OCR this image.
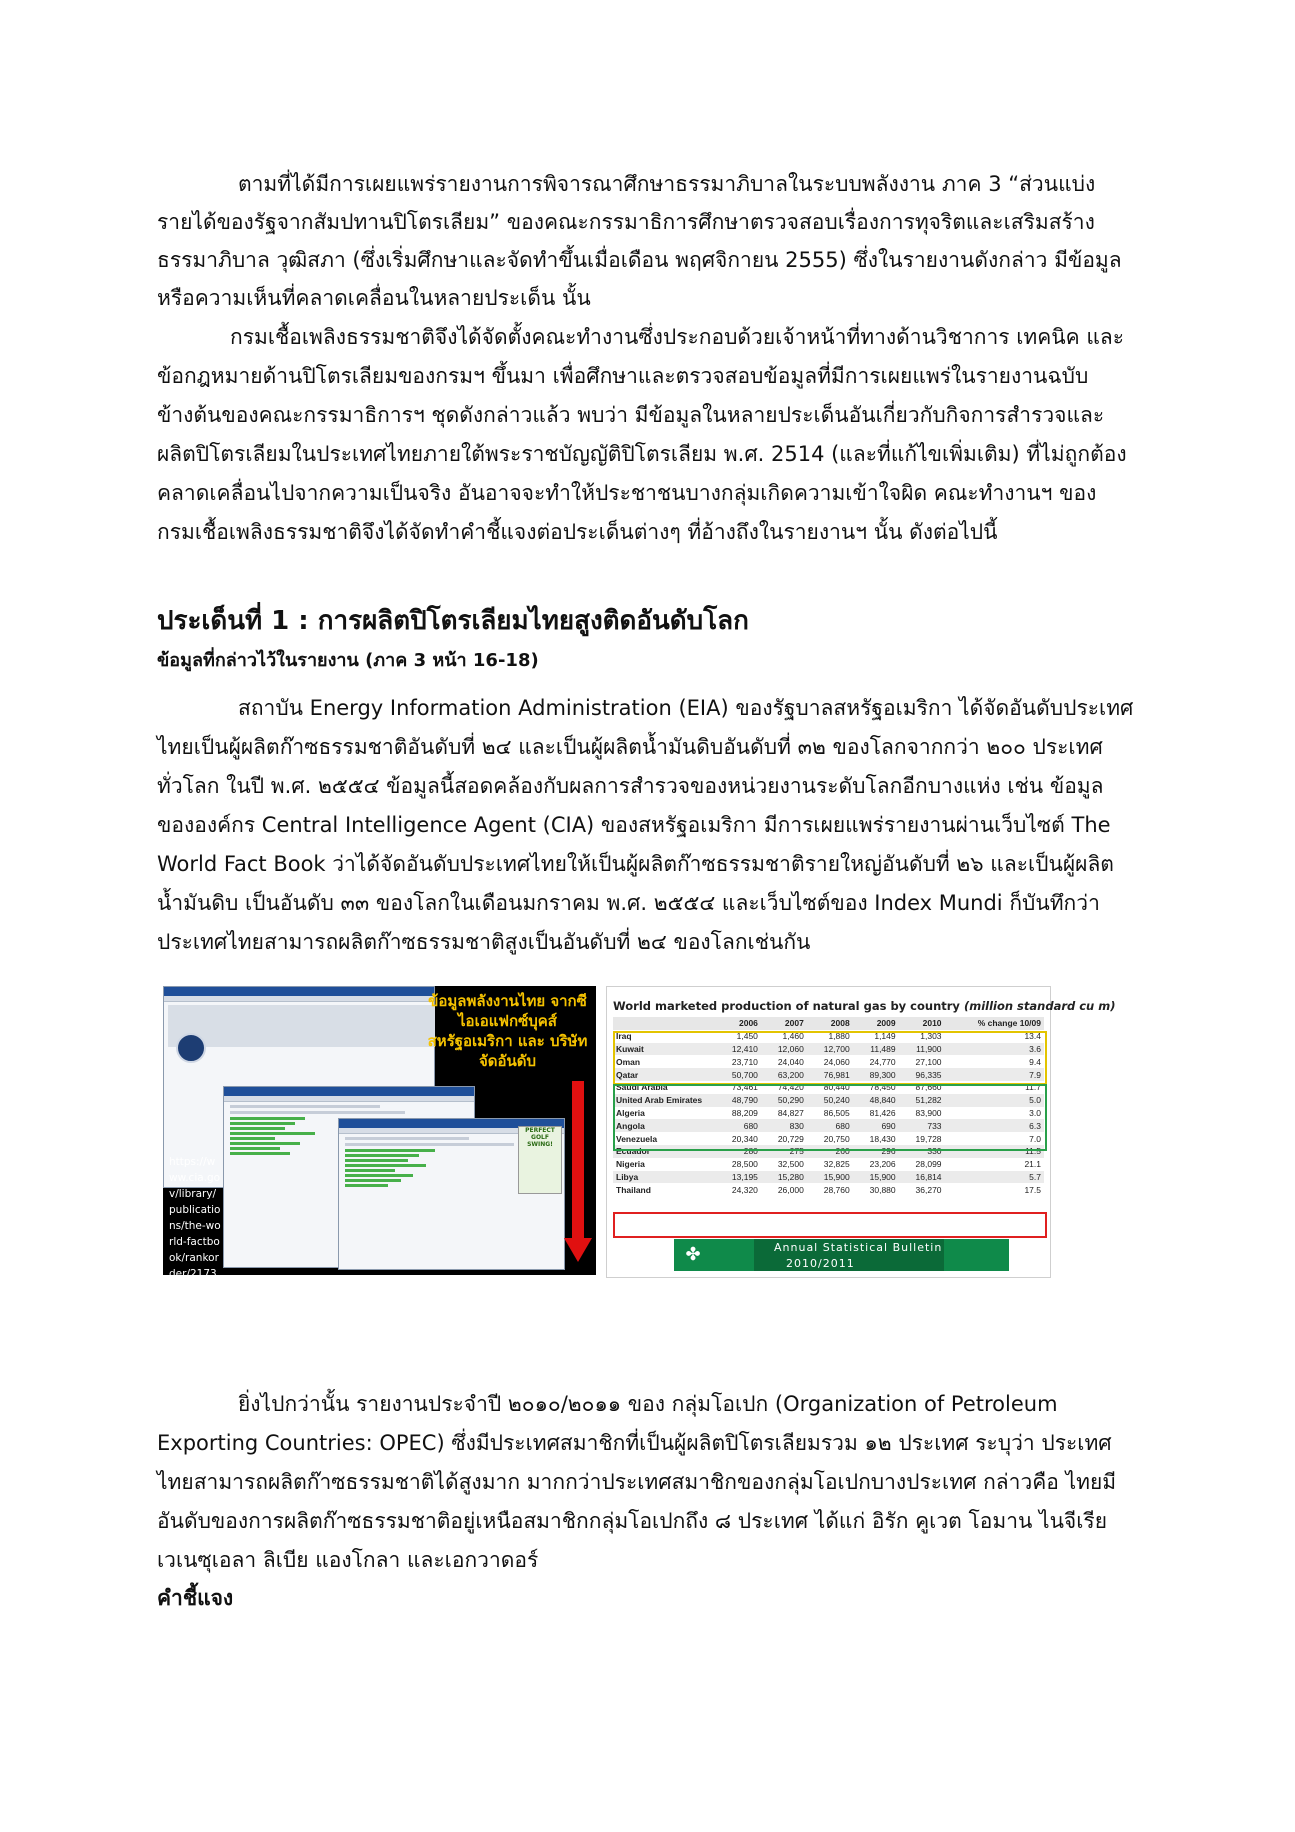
ตามที่ได้มีการเผยแพร่รายงานการพิจารณาศึกษาธรรมาภิบาลในระบบพลังงาน ภาค 3 “ส่วนแบ่ง
รายได้ของรัฐจากสัมปทานปิโตรเลียม” ของคณะกรรมาธิการศึกษาตรวจสอบเรื่องการทุจริตและเสริมสร้าง
ธรรมาภิบาล วุฒิสภา (ซึ่งเริ่มศึกษาและจัดทำขึ้นเมื่อเดือน พฤศจิกายน 2555) ซึ่งในรายงานดังกล่าว มีข้อมูล
หรือความเห็นที่คลาดเคลื่อนในหลายประเด็น นั้น
กรมเชื้อเพลิงธรรมชาติจึงได้จัดตั้งคณะทำงานซึ่งประกอบด้วยเจ้าหน้าที่ทางด้านวิชาการ เทคนิค และ
ข้อกฎหมายด้านปิโตรเลียมของกรมฯ ขึ้นมา เพื่อศึกษาและตรวจสอบข้อมูลที่มีการเผยแพร่ในรายงานฉบับ
ข้างต้นของคณะกรรมาธิการฯ ชุดดังกล่าวแล้ว พบว่า มีข้อมูลในหลายประเด็นอันเกี่ยวกับกิจการสำรวจและ
ผลิตปิโตรเลียมในประเทศไทยภายใต้พระราชบัญญัติปิโตรเลียม พ.ศ. 2514 (และที่แก้ไขเพิ่มเติม) ที่ไม่ถูกต้อง
คลาดเคลื่อนไปจากความเป็นจริง อันอาจจะทำให้ประชาชนบางกลุ่มเกิดความเข้าใจผิด คณะทำงานฯ ของ
กรมเชื้อเพลิงธรรมชาติจึงได้จัดทำคำชี้แจงต่อประเด็นต่างๆ ที่อ้างถึงในรายงานฯ นั้น ดังต่อไปนี้
ประเด็นที่ 1 : การผลิตปิโตรเลียมไทยสูงติดอันดับโลก
ข้อมูลที่กล่าวไว้ในรายงาน (ภาค 3 หน้า 16-18)
สถาบัน Energy Information Administration (EIA) ของรัฐบาลสหรัฐอเมริกา ได้จัดอันดับประเทศ
ไทยเป็นผู้ผลิตก๊าซธรรมชาติอันดับที่ ๒๔ และเป็นผู้ผลิตน้ำมันดิบอันดับที่ ๓๒ ของโลกจากกว่า ๒๐๐ ประเทศ
ทั่วโลก ในปี พ.ศ. ๒๕๕๔ ข้อมูลนี้สอดคล้องกับผลการสำรวจของหน่วยงานระดับโลกอีกบางแห่ง เช่น ข้อมูล
ขององค์กร Central Intelligence Agent (CIA) ของสหรัฐอเมริกา มีการเผยแพร่รายงานผ่านเว็บไซต์ The
World Fact Book ว่าได้จัดอันดับประเทศไทยให้เป็นผู้ผลิตก๊าซธรรมชาติรายใหญ่อันดับที่ ๒๖ และเป็นผู้ผลิต
น้ำมันดิบ เป็นอันดับ ๓๓ ของโลกในเดือนมกราคม พ.ศ. ๒๕๕๔ และเว็บไซต์ของ Index Mundi ก็บันทึกว่า
ประเทศไทยสามารถผลิตก๊าซธรรมชาติสูงเป็นอันดับที่ ๒๔ ของโลกเช่นกัน
PERFECT GOLF SWING!
ข้อมูลพลังงานไทย จากซีไอเอแฟกซ์บุคส์ สหรัฐอเมริกา และ บริษัทจัดอันดับ
https://www.cia.gov/library/publications/the-world-factbook/rankorder/2173rank.html
World marketed production of natural gas by country (million standard cu m)
	2006	2007	2008	2009	2010	% change 10/09
Iraq	1,450	1,460	1,880	1,149	1,303	13.4
Kuwait	12,410	12,060	12,700	11,489	11,900	3.6
Oman	23,710	24,040	24,060	24,770	27,100	9.4
Qatar	50,700	63,200	76,981	89,300	96,335	7.9
Saudi Arabia	73,461	74,420	80,440	78,450	87,660	11.7
United Arab Emirates	48,790	50,290	50,240	48,840	51,282	5.0
Algeria	88,209	84,827	86,505	81,426	83,900	3.0
Angola	680	830	680	690	733	6.3
Venezuela	20,340	20,729	20,750	18,430	19,728	7.0
Ecuador	280	275	260	296	330	11.5
Nigeria	28,500	32,500	32,825	23,206	28,099	21.1
Libya	13,195	15,280	15,900	15,900	16,814	5.7
Thailand	24,320	26,000	28,760	30,880	36,270	17.5
✤	Annual Statistical Bulletin
2010/2011
ยิ่งไปกว่านั้น รายงานประจำปี ๒๐๑๐/๒๐๑๑ ของ กลุ่มโอเปก (Organization of Petroleum
Exporting Countries: OPEC) ซึ่งมีประเทศสมาชิกที่เป็นผู้ผลิตปิโตรเลียมรวม ๑๒ ประเทศ ระบุว่า ประเทศ
ไทยสามารถผลิตก๊าซธรรมชาติได้สูงมาก มากกว่าประเทศสมาชิกของกลุ่มโอเปกบางประเทศ กล่าวคือ ไทยมี
อันดับของการผลิตก๊าซธรรมชาติอยู่เหนือสมาชิกกลุ่มโอเปกถึง ๘ ประเทศ ได้แก่ อิรัก คูเวต โอมาน ไนจีเรีย
เวเนซุเอลา ลิเบีย แองโกลา และเอกวาดอร์
คำชี้แจง
